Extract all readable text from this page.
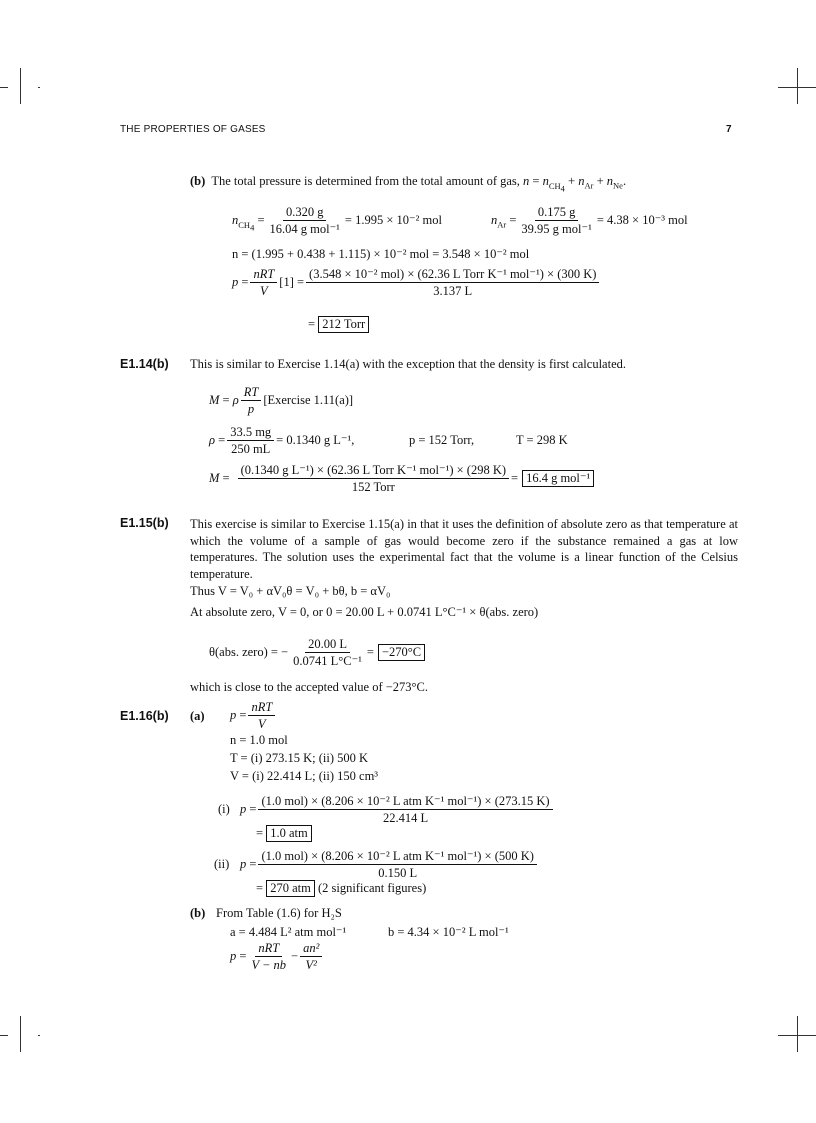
THE PROPERTIES OF GASES	7
(b) The total pressure is determined from the total amount of gas, $n = n_{CH_4} + n_{Ar} + n_{Ne}$.
$n_{CH_4} = \frac{0.320 g}{\text{16.04 g mol⁻¹}} = 1.995 \times 10^{-2}$ mol	$n_{Ar} = \frac{0.175 g}{\text{39.95 g mol⁻¹}} = 4.38 \times 10^{-3}$ mol
n = (1.995 + 0.438 + 1.115) × 10⁻² mol = 3.548 × 10⁻² mol
$p = \frac{\text{nRT}}{V} [1] = \frac{\text{(3.548 × 10⁻² mol) × (62.36 L Torr K⁻¹ mol⁻¹) × (300 K)}}{3.137 L}$
= 212 Torr
E1.14(b) This is similar to Exercise 1.14(a) with the exception that the density is first calculated.
M = ρ $\frac{RT}{p}$ [Exercise 1.11(a)]
$\rho = \frac{33.5 mg}{250 mL} = 0.1340$ g L⁻¹,	p = 152 Torr,	T = 298 K
$M = \frac{\text{(0.1340 g L⁻¹) × (62.36 L Torr K⁻¹ mol⁻¹) × (298 K)}}{\text{152 Torr}} = 16.4$ g mol⁻¹
E1.15(b) This exercise is similar to Exercise 1.15(a) in that it uses the definition of absolute zero as that temperature at which the volume of a sample of gas would become zero if the substance remained a gas at low temperatures. The solution uses the experimental fact that the volume is a linear function of the Celsius temperature.
Thus V = V₀ + αV₀θ = V₀ + bθ, b = αV₀
At absolute zero, V = 0, or 0 = 20.00 L + 0.0741 L°C⁻¹ × θ(abs. zero)
θ(abs. zero) = − $\frac{20.00 L}{\text{0.0741 L°C⁻¹}} = -270^\circ C$
which is close to the accepted value of −273°C.
E1.16(b) (a) $p = \frac{\text{nRT}}{V}$
n = 1.0 mol
T = (i) 273.15 K; (ii) 500 K
V = (i) 22.414 L; (ii) 150 cm³
(i) $p = \frac{\text{(1.0 mol) × (8.206 × 10⁻² L atm K⁻¹ mol⁻¹) × (273.15 K)}}{22.414 L}$
= 1.0 atm
(ii) $p = \frac{\text{(1.0 mol) × (8.206 × 10⁻² L atm K⁻¹ mol⁻¹) × (500 K)}}{0.150 L}$
= 270 atm (2 significant figures)
(b) From Table (1.6) for H₂S
a = 4.484 L² atm mol⁻¹	b = 4.34 × 10⁻² L mol⁻¹
$p = \frac{\text{nRT}}{V - nb} - \frac{\text{an²}}{\text{V²}}$
